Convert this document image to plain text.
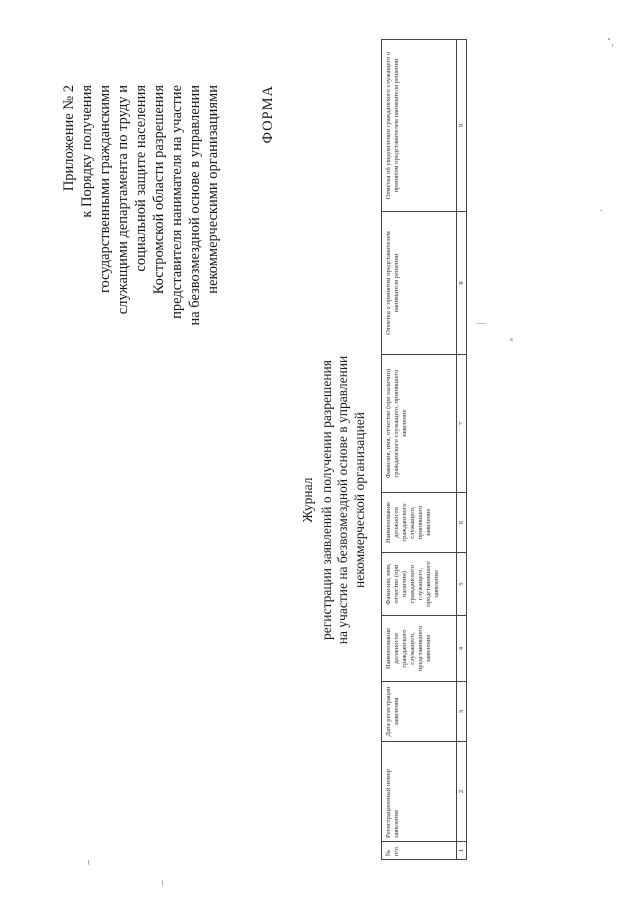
Приложение № 2 к Порядку получения государственными гражданскими служащими департамента по труду и социальной защите населения Костромской области разрешения представителя нанимателя на участие на безвозмездной основе в управлении некоммерческими организациями	ФОРМА
Журнал регистрации заявлений о получении разрешения на участие на безвозмездной основе в управлении некоммерческой организацией
№ п/п	Регистрационный номер заявления	Дата регистрации заявления	Наименование должности гражданского служащего, представившего заявление	Фамилия, имя, отчество (при наличии) гражданского служащего, представившего заявление	Наименование должности гражданского служащего, принявшего заявление	Фамилия, имя, отчество (при наличии) гражданского служащего, принявшего заявление	Отметка о принятом представителем нанимателя решении	Отметка об уведомлении гражданского служащего о принятом представителем нанимателя решении
1	2	3	4	5	6	7	8	9
